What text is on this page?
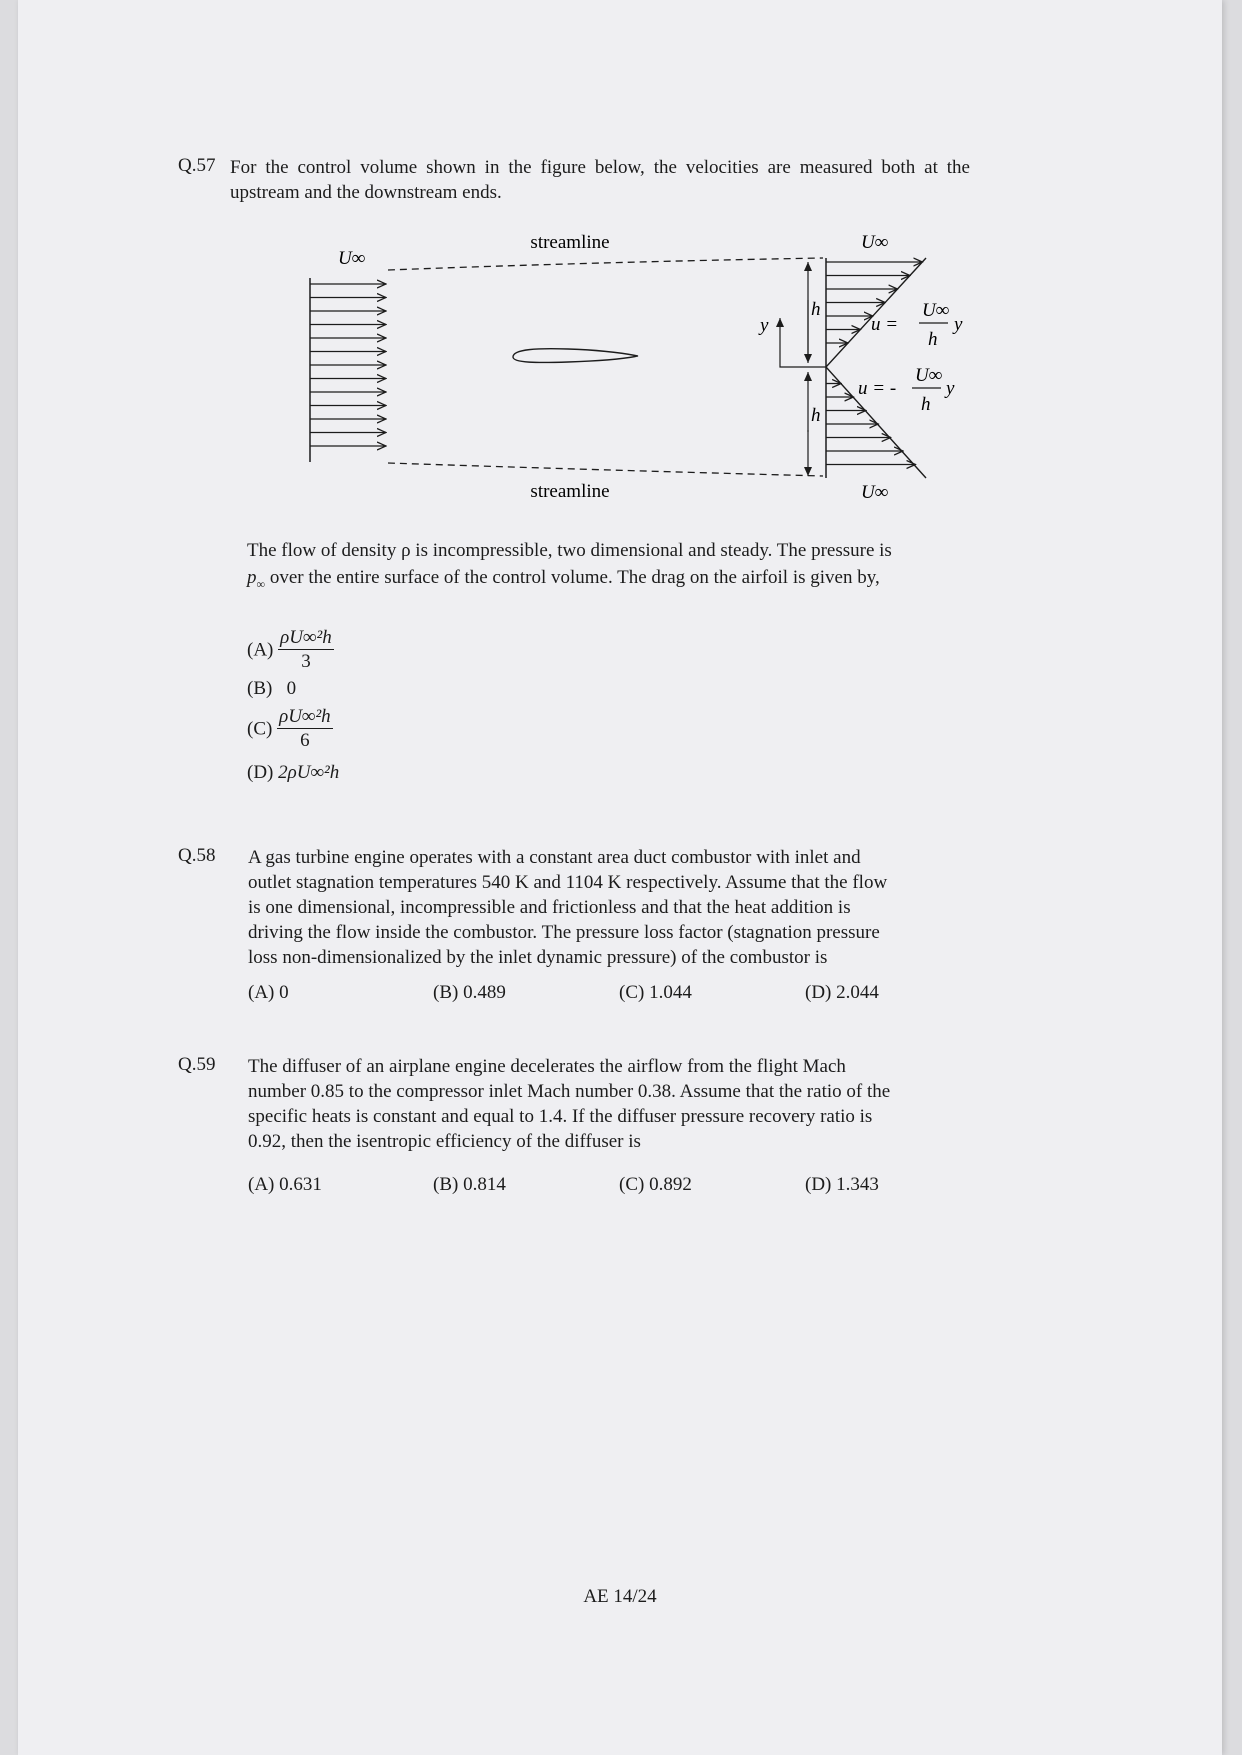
Q.57 For the control volume shown in the figure below, the velocities are measured both at the upstream and the downstream ends.
streamline
streamline
U∞
U∞
U∞
h
h
y	u =
U∞
h
y
u = -
U∞
h
y
The flow of density ρ is incompressible, two dimensional and steady. The pressure is
$p_\infty$ over the entire surface of the control volume. The drag on the airfoil is given by,
$(A) \frac{\text{ρU∞²h}}{3}$
(B) 0
$(C) \frac{\text{ρU∞²h}}{6}$
(D) 2ρU∞²h
Q.58 A gas turbine engine operates with a constant area duct combustor with inlet and
outlet stagnation temperatures 540 K and 1104 K respectively. Assume that the flow
is one dimensional, incompressible and frictionless and that the heat addition is
driving the flow inside the combustor. The pressure loss factor (stagnation pressure
loss non-dimensionalized by the inlet dynamic pressure) of the combustor is
(A) 0	(B) 0.489	(C) 1.044	(D) 2.044
Q.59 The diffuser of an airplane engine decelerates the airflow from the flight Mach
number 0.85 to the compressor inlet Mach number 0.38. Assume that the ratio of the
specific heats is constant and equal to 1.4. If the diffuser pressure recovery ratio is
0.92, then the isentropic efficiency of the diffuser is
(A) 0.631	(B) 0.814	(C) 0.892	(D) 1.343
AE 14/24
